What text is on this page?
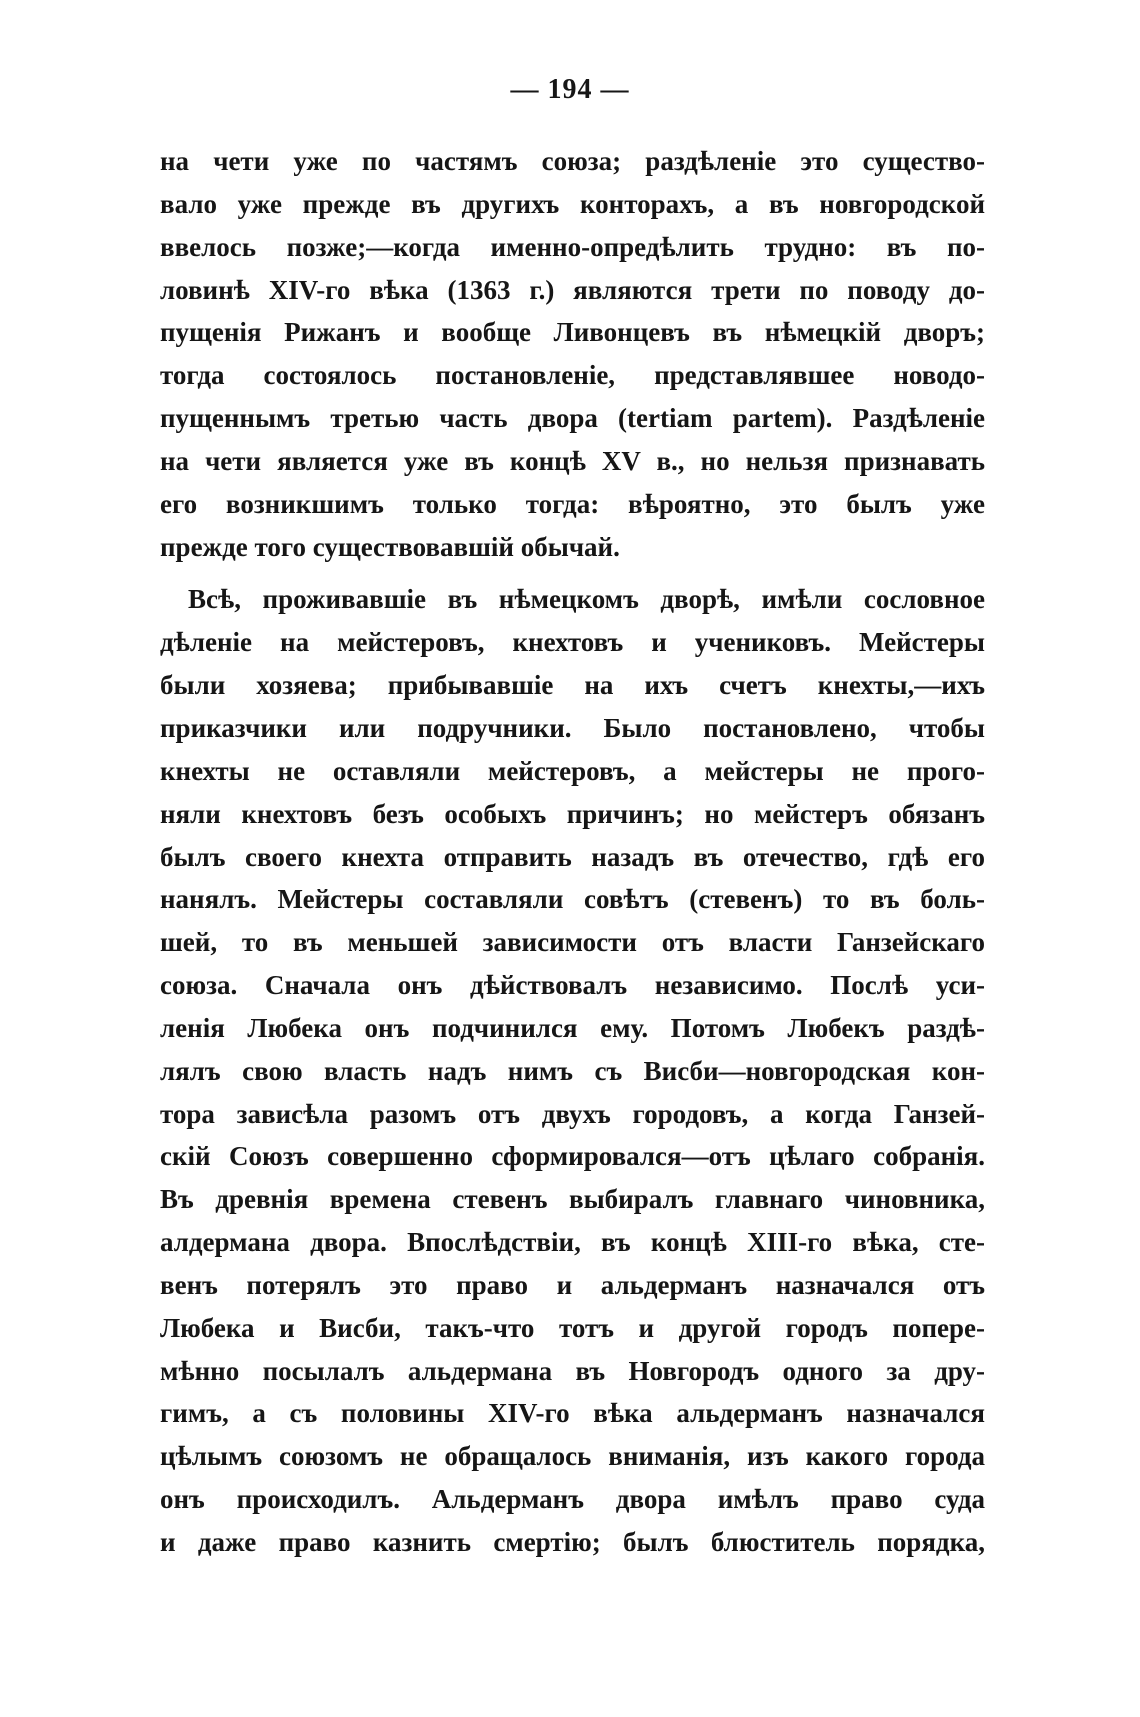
— 194 —
на чети уже по частямъ союза; раздѣленіе это существо-
вало уже прежде въ другихъ конторахъ, а въ новгородской
ввелось позже;—когда именно-опредѣлить трудно: въ по-
ловинѣ XIV-го вѣка (1363 г.) являются трети по поводу до-
пущенія Рижанъ и вообще Ливонцевъ въ нѣмецкій дворъ;
тогда состоялось постановленіе, представлявшее новодо-
пущеннымъ третью часть двора (tertiam partem). Раздѣленіе
на чети является уже въ концѣ XV в., но нельзя признавать
его возникшимъ только тогда: вѣроятно, это былъ уже
прежде того существовавшій обычай.
Всѣ, проживавшіе въ нѣмецкомъ дворѣ, имѣли сословное
дѣленіе на мейстеровъ, кнехтовъ и учениковъ. Мейстеры
были хозяева; прибывавшіе на ихъ счетъ кнехты,—ихъ
приказчики или подручники. Было постановлено, чтобы
кнехты не оставляли мейстеровъ, а мейстеры не прого-
няли кнехтовъ безъ особыхъ причинъ; но мейстеръ обязанъ
былъ своего кнехта отправить назадъ въ отечество, гдѣ его
нанялъ. Мейстеры составляли совѣтъ (стевенъ) то въ боль-
шей, то въ меньшей зависимости отъ власти Ганзейскаго
союза. Сначала онъ дѣйствовалъ независимо. Послѣ уси-
ленія Любека онъ подчинился ему. Потомъ Любекъ раздѣ-
лялъ свою власть надъ нимъ съ Висби—новгородская кон-
тора зависѣла разомъ отъ двухъ городовъ, а когда Ганзей-
скій Союзъ совершенно сформировался—отъ цѣлаго собранія.
Въ древнія времена стевенъ выбиралъ главнаго чиновника,
алдермана двора. Впослѣдствіи, въ концѣ XIII-го вѣка, сте-
венъ потерялъ это право и альдерманъ назначался отъ
Любека и Висби, такъ-что тотъ и другой городъ попере-
мѣнно посылалъ альдермана въ Новгородъ одного за дру-
гимъ, а съ половины XIV-го вѣка альдерманъ назначался
цѣлымъ союзомъ не обращалось вниманія, изъ какого города
онъ происходилъ. Альдерманъ двора имѣлъ право суда
и даже право казнить смертію; былъ блюститель порядка,
